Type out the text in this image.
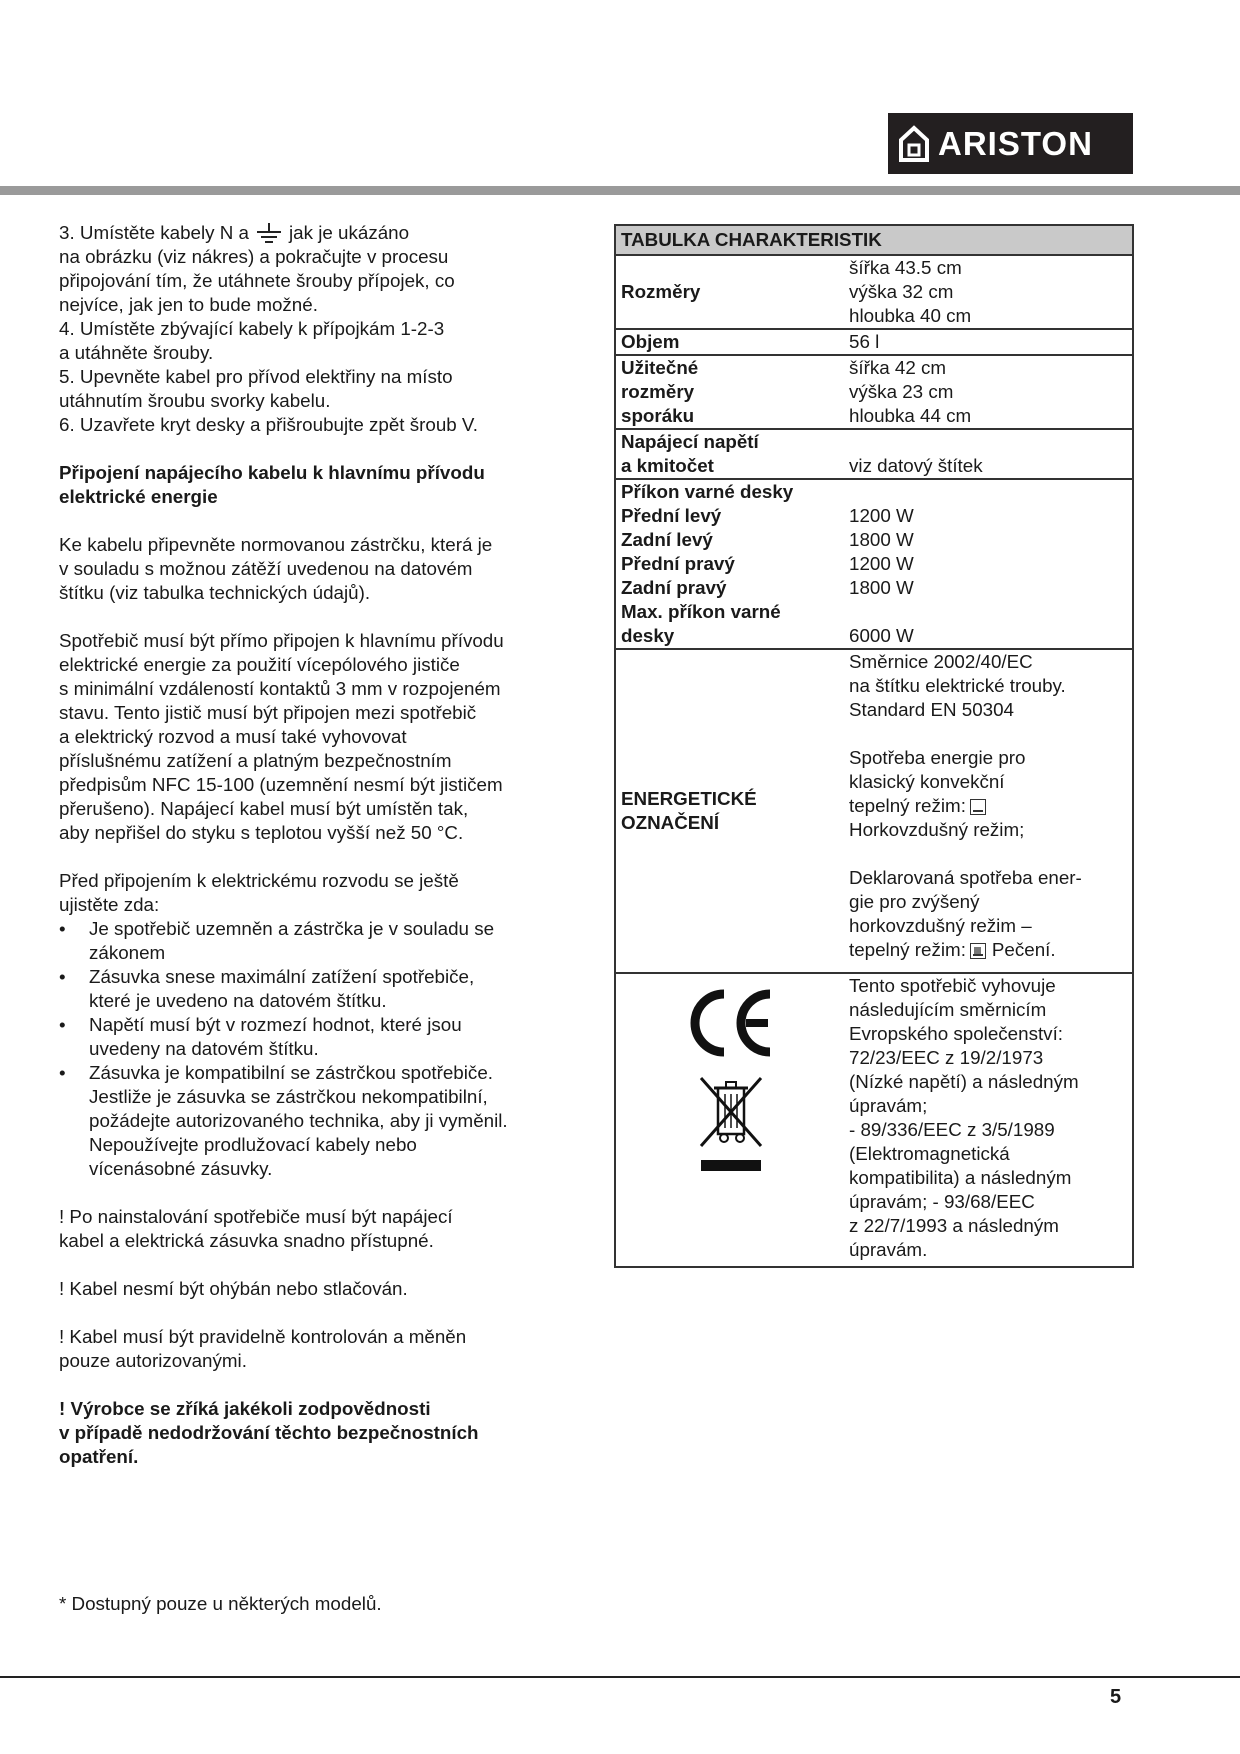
ARISTON

3. Umístěte kabely N a jak je ukázáno

na obrázku (viz nákres) a pokračujte v procesu

připojování tím, že utáhnete šrouby přípojek, co

nejvíce, jak jen to bude možné.

4. Umístěte zbývající kabely k přípojkám 1-2-3

a utáhněte šrouby.

5. Upevněte kabel pro přívod elektřiny na místo

utáhnutím šroubu svorky kabelu.

6. Uzavřete kryt desky a přišroubujte zpět šroub V.

Připojení napájecího kabelu k hlavnímu přívodu

elektrické energie

Ke kabelu připevněte normovanou zástrčku, která je

v souladu s možnou zátěží uvedenou na datovém

štítku (viz tabulka technických údajů).

Spotřebič musí být přímo připojen k hlavnímu přívodu

elektrické energie za použití vícepólového jističe

s minimální vzdáleností kontaktů 3 mm v rozpojeném

stavu. Tento jistič musí být připojen mezi spotřebič

a elektrický rozvod a musí také vyhovovat

příslušnému zatížení a platným bezpečnostním

předpisům NFC 15-100 (uzemnění nesmí být jističem

přerušeno). Napájecí kabel musí být umístěn tak,

aby nepřišel do styku s teplotou vyšší než 50 °C.

Před připojením k elektrickému rozvodu se ještě

ujistěte zda:

• Je spotřebič uzemněn a zástrčka je v souladu se

zákonem

• Zásuvka snese maximální zatížení spotřebiče,

které je uvedeno na datovém štítku.

• Napětí musí být v rozmezí hodnot, které jsou

uvedeny na datovém štítku.

• Zásuvka je kompatibilní se zástrčkou spotřebiče.

Jestliže je zásuvka se zástrčkou nekompatibilní,

požádejte autorizovaného technika, aby ji vyměnil.

Nepoužívejte prodlužovací kabely nebo

vícenásobné zásuvky.

! Po nainstalování spotřebiče musí být napájecí

kabel a elektrická zásuvka snadno přístupné.

! Kabel nesmí být ohýbán nebo stlačován.

! Kabel musí být pravidelně kontrolován a měněn

pouze autorizovanými.

! Výrobce se zříká jakékoli zodpovědnosti

v případě nedodržování těchto bezpečnostních

opatření.

* Dostupný pouze u některých modelů.
TABULKA CHARAKTERISTIK
Rozměry

šířka 43.5 cm

výška 32 cm

hloubka 40 cm

Objem	56 l

Užitečné

rozměry

sporáku

šířka 42 cm

výška 23 cm

hloubka 44 cm

Napájecí napětí

a kmitočet	viz datový štítek

Příkon varné desky

Přední levý

Zadní levý

Přední pravý

Zadní pravý

Max. příkon varné

desky

1200 W

1800 W

1200 W

1800 W

6000 W

ENERGETICKÉ

OZNAČENÍ

Směrnice 2002/40/EC

na štítku elektrické trouby.

Standard EN 50304

Spotřeba energie pro

klasický konvekční

tepelný režim:

Horkovzdušný režim;

Deklarovaná spotřeba ener-

gie pro zvýšený

horkovzdušný režim –

tepelný režim: Pečení.

Tento spotřebič vyhovuje

následujícím směrnicím

Evropského společenství:

72/23/EEC z 19/2/1973

(Nízké napětí) a následným

úpravám;

- 89/336/EEC z 3/5/1989

(Elektromagnetická

kompatibilita) a následným

úpravám; - 93/68/EEC

z 22/7/1993 a následným

úpravám.

5
